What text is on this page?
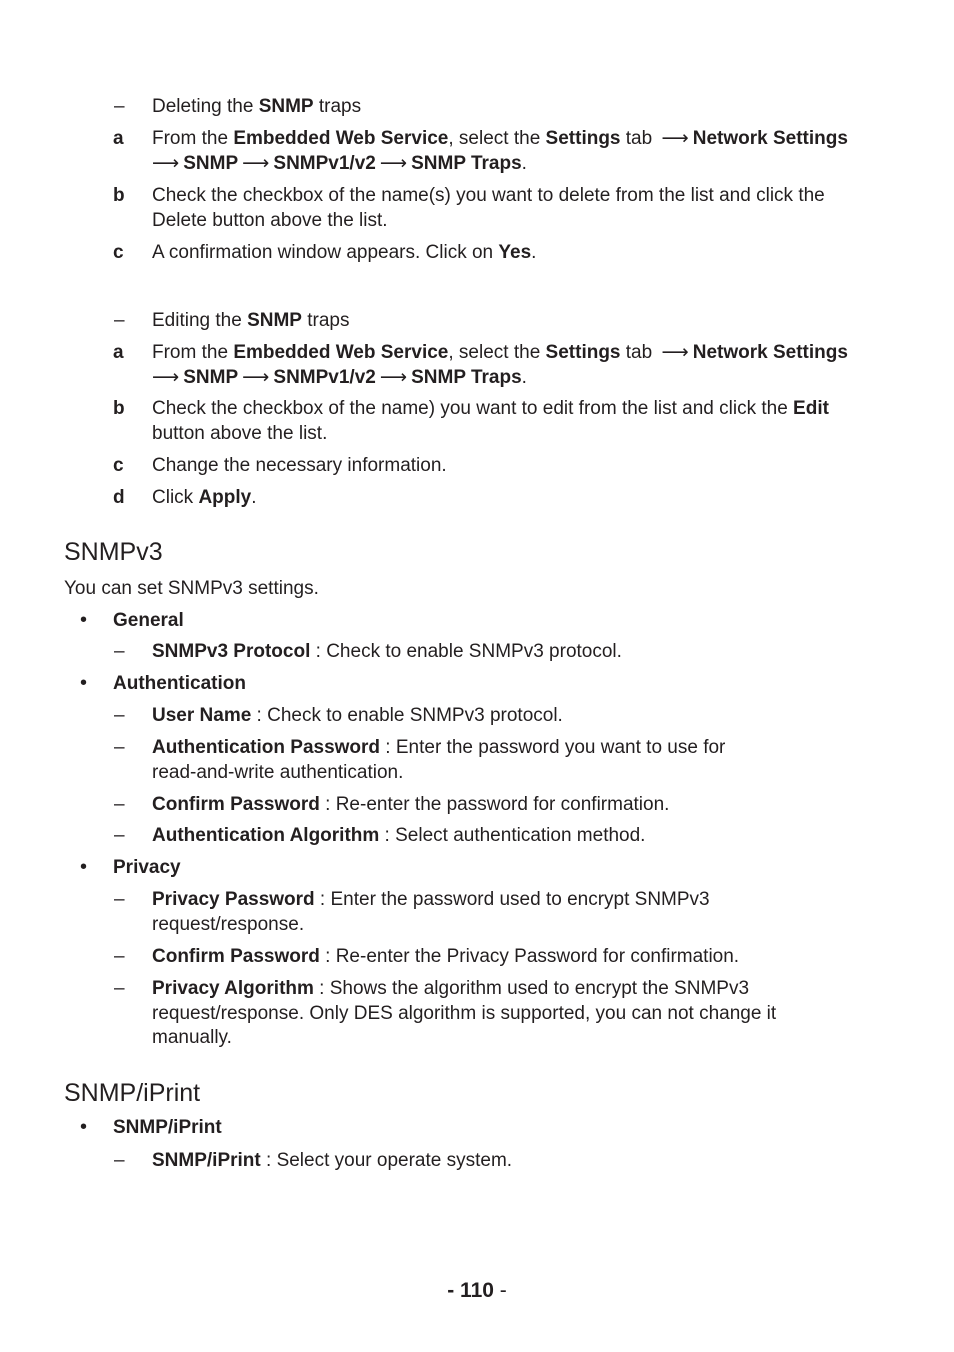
– Deleting the SNMP traps
a From the Embedded Web Service, select the Settings tab ⟶ Network Settings
⟶ SNMP ⟶ SNMPv1/v2 ⟶ SNMP Traps.
b Check the checkbox of the name(s) you want to delete from the list and click the
Delete button above the list.
c A confirmation window appears. Click on Yes.
– Editing the SNMP traps
a From the Embedded Web Service, select the Settings tab ⟶ Network Settings
⟶ SNMP ⟶ SNMPv1/v2 ⟶ SNMP Traps.
b Check the checkbox of the name) you want to edit from the list and click the Edit
button above the list.
c Change the necessary information.
d Click Apply.
SNMPv3
You can set SNMPv3 settings.
• General
– SNMPv3 Protocol : Check to enable SNMPv3 protocol.
• Authentication
– User Name : Check to enable SNMPv3 protocol.
– Authentication Password : Enter the password you want to use for
read-and-write authentication.
– Confirm Password : Re-enter the password for confirmation.
– Authentication Algorithm : Select authentication method.
• Privacy
– Privacy Password : Enter the password used to encrypt SNMPv3
request/response.
– Confirm Password : Re-enter the Privacy Password for confirmation.
– Privacy Algorithm : Shows the algorithm used to encrypt the SNMPv3
request/response. Only DES algorithm is supported, you can not change it
manually.
SNMP/iPrint
• SNMP/iPrint
– SNMP/iPrint : Select your operate system.
- 110 -
